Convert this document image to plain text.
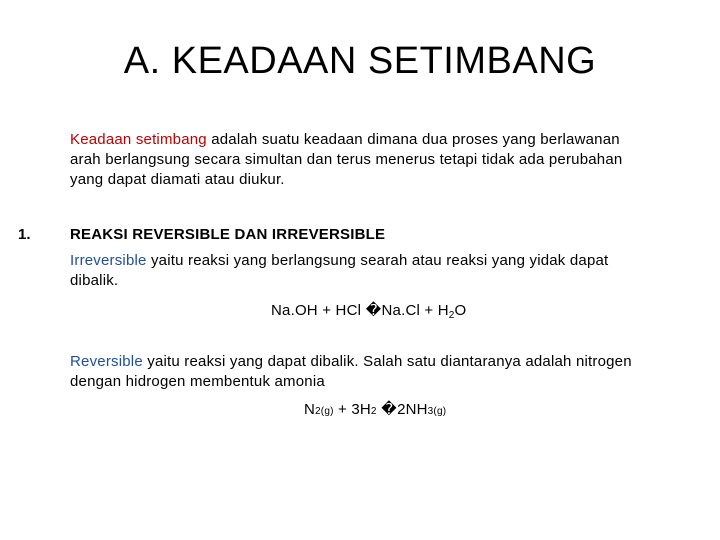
A. KEADAAN SETIMBANG
Keadaan setimbang adalah suatu keadaan dimana dua proses yang berlawanan
arah berlangsung secara simultan dan terus menerus tetapi tidak ada perubahan
yang dapat diamati atau diukur.
1.	REAKSI REVERSIBLE DAN IRREVERSIBLE
Irreversible yaitu reaksi yang berlangsung searah atau reaksi yang yidak dapat
dibalik.
Na.OH + HCl �Na.Cl + $H_2O$
Reversible yaitu reaksi yang dapat dibalik. Salah satu diantaranya adalah nitrogen
dengan hidrogen membentuk amonia
N2(g) + 3H2 �2NH3(g)
